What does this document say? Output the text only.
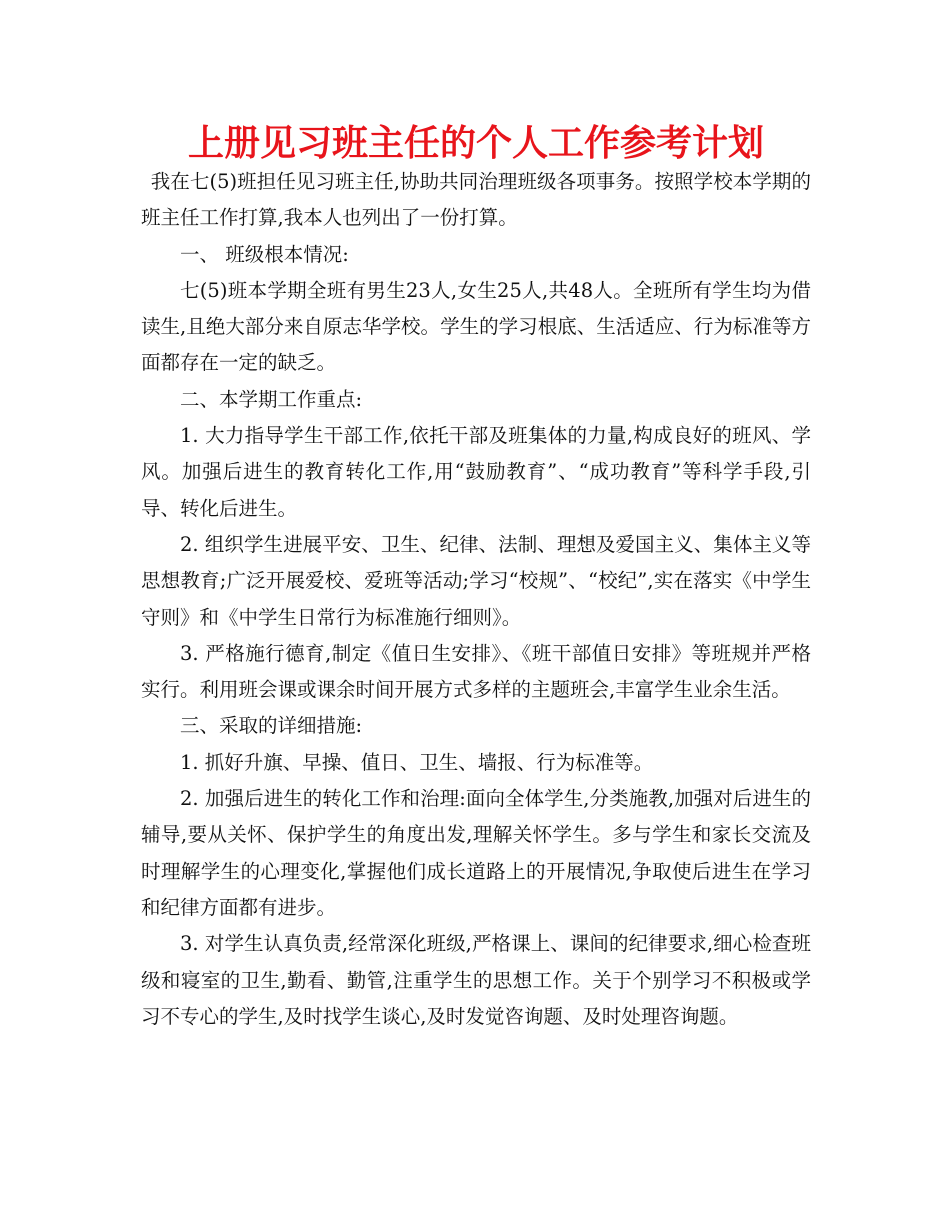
上册见习班主任的个人工作参考计划

我在七(5)班担任见习班主任,协助共同治理班级各项事务。按照学校本学期的班主任工作打算,我本人也列出了一份打算。

一、 班级根本情况:

七(5)班本学期全班有男生23人,女生25人,共48人。全班所有学生均为借读生,且绝大部分来自原志华学校。学生的学习根底、生活适应、行为标准等方面都存在一定的缺乏。

二、本学期工作重点:

1. 大力指导学生干部工作,依托干部及班集体的力量,构成良好的班风、学风。加强后进生的教育转化工作,用“鼓励教育”、“成功教育”等科学手段,引导、转化后进生。

2. 组织学生进展平安、卫生、纪律、法制、理想及爱国主义、集体主义等思想教育;广泛开展爱校、爱班等活动;学习“校规”、“校纪”,实在落实《中学生守则》和《中学生日常行为标准施行细则》。

3. 严格施行德育,制定《值日生安排》、《班干部值日安排》等班规并严格实行。利用班会课或课余时间开展方式多样的主题班会,丰富学生业余生活。

三、采取的详细措施:

1. 抓好升旗、早操、值日、卫生、墙报、行为标准等。

2. 加强后进生的转化工作和治理:面向全体学生,分类施教,加强对后进生的辅导,要从关怀、保护学生的角度出发,理解关怀学生。多与学生和家长交流及时理解学生的心理变化,掌握他们成长道路上的开展情况,争取使后进生在学习和纪律方面都有进步。

3. 对学生认真负责,经常深化班级,严格课上、课间的纪律要求,细心检查班级和寝室的卫生,勤看、勤管,注重学生的思想工作。关于个别学习不积极或学习不专心的学生,及时找学生谈心,及时发觉咨询题、及时处理咨询题。
